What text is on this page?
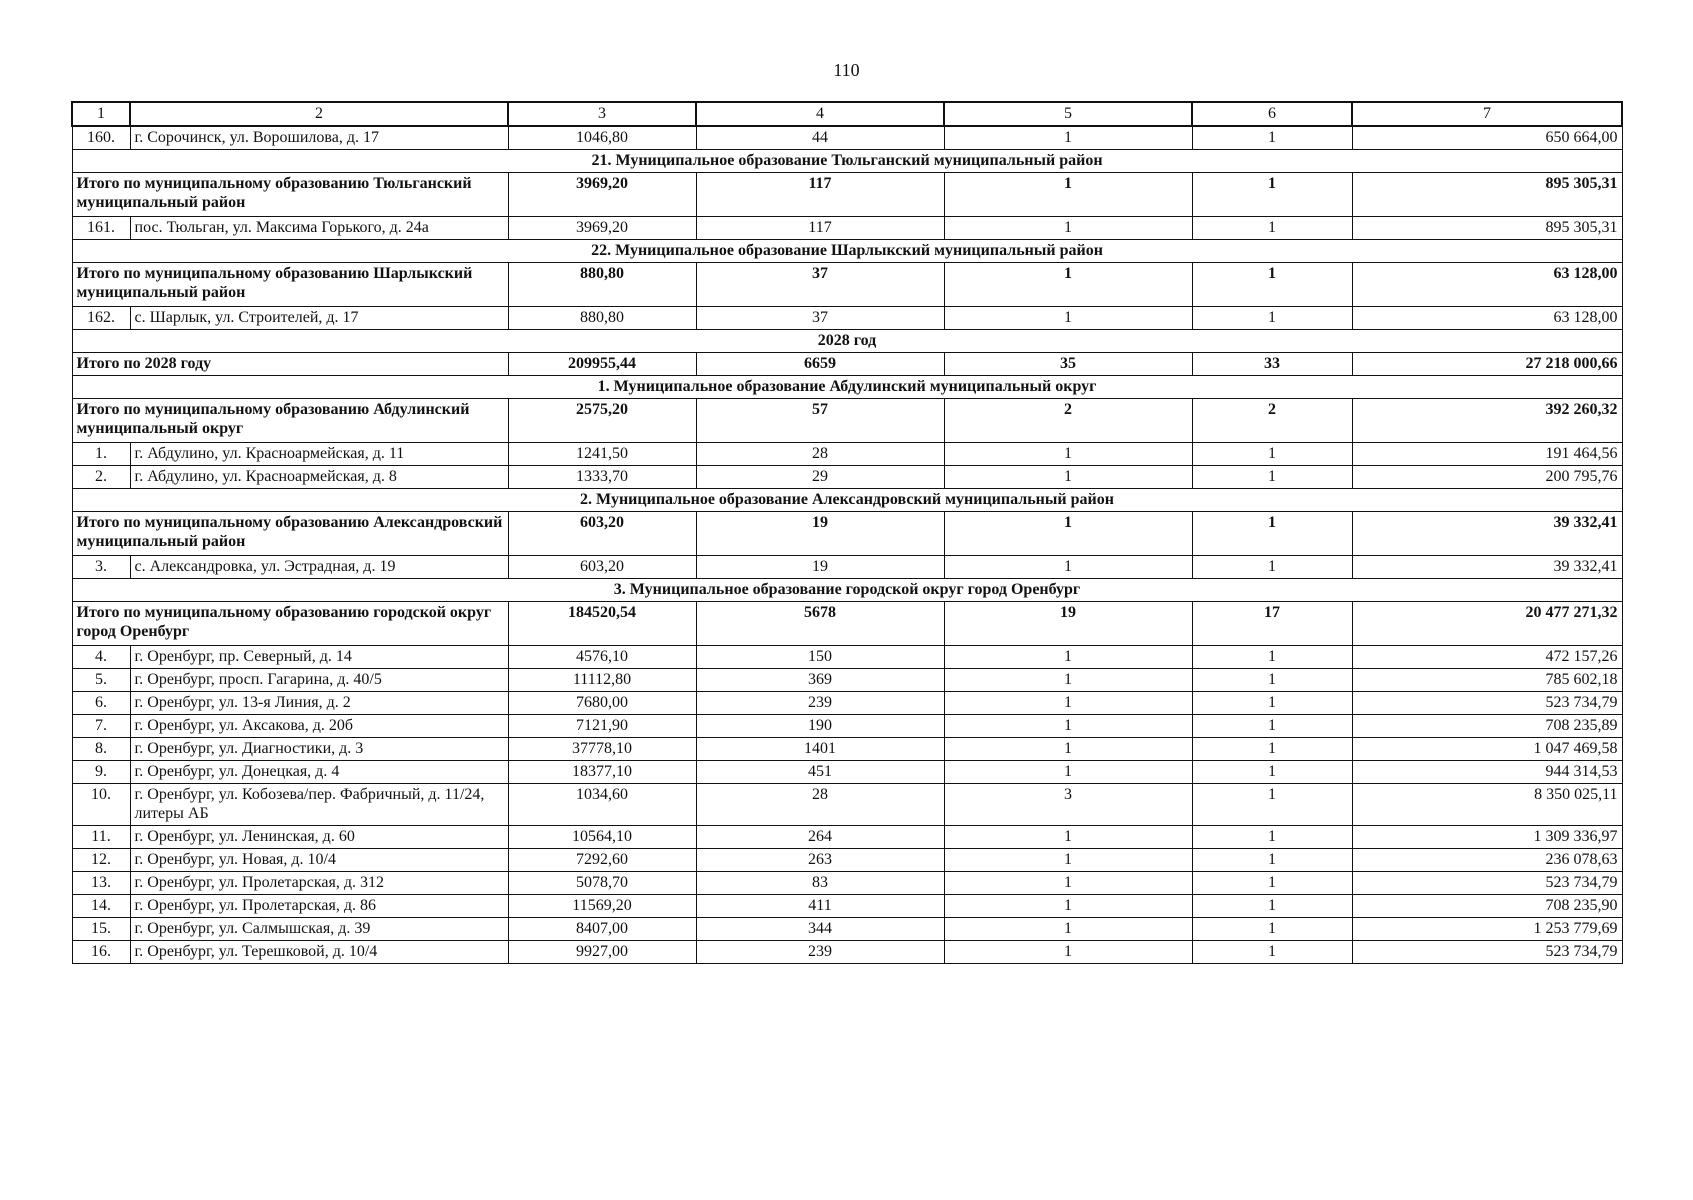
110
1	2	3	4	5	6	7
160.	г. Сорочинск, ул. Ворошилова, д. 17	1046,80	44	1	1	650 664,00
21. Муниципальное образование Тюльганский муниципальный район						
Итого по муниципальному образованию Тюльганский муниципальный район		3969,20	117	1	1	895 305,31
161.	пос. Тюльган, ул. Максима Горького, д. 24а	3969,20	117	1	1	895 305,31
22. Муниципальное образование Шарлыкский муниципальный район						
Итого по муниципальному образованию Шарлыкский муниципальный район		880,80	37	1	1	63 128,00
162.	с. Шарлык, ул. Строителей, д. 17	880,80	37	1	1	63 128,00
2028 год						
Итого по 2028 году		209955,44	6659	35	33	27 218 000,66
1. Муниципальное образование Абдулинский муниципальный округ						
Итого по муниципальному образованию Абдулинский муниципальный округ		2575,20	57	2	2	392 260,32
1.	г. Абдулино, ул. Красноармейская, д. 11	1241,50	28	1	1	191 464,56
2.	г. Абдулино, ул. Красноармейская, д. 8	1333,70	29	1	1	200 795,76
2. Муниципальное образование Александровский муниципальный район						
Итого по муниципальному образованию Александровский муниципальный район		603,20	19	1	1	39 332,41
3.	с. Александровка, ул. Эстрадная, д. 19	603,20	19	1	1	39 332,41
3. Муниципальное образование городской округ город Оренбург						
Итого по муниципальному образованию городской округ город Оренбург		184520,54	5678	19	17	20 477 271,32
4.	г. Оренбург, пр. Северный, д. 14	4576,10	150	1	1	472 157,26
5.	г. Оренбург, просп. Гагарина, д. 40/5	11112,80	369	1	1	785 602,18
6.	г. Оренбург, ул. 13-я Линия, д. 2	7680,00	239	1	1	523 734,79
7.	г. Оренбург, ул. Аксакова, д. 20б	7121,90	190	1	1	708 235,89
8.	г. Оренбург, ул. Диагностики, д. 3	37778,10	1401	1	1	1 047 469,58
9.	г. Оренбург, ул. Донецкая, д. 4	18377,10	451	1	1	944 314,53
10.	г. Оренбург, ул. Кобозева/пер. Фабричный, д. 11/24, литеры АБ	1034,60	28	3	1	8 350 025,11
11.	г. Оренбург, ул. Ленинская, д. 60	10564,10	264	1	1	1 309 336,97
12.	г. Оренбург, ул. Новая, д. 10/4	7292,60	263	1	1	236 078,63
13.	г. Оренбург, ул. Пролетарская, д. 312	5078,70	83	1	1	523 734,79
14.	г. Оренбург, ул. Пролетарская, д. 86	11569,20	411	1	1	708 235,90
15.	г. Оренбург, ул. Салмышская, д. 39	8407,00	344	1	1	1 253 779,69
16.	г. Оренбург, ул. Терешковой, д. 10/4	9927,00	239	1	1	523 734,79
